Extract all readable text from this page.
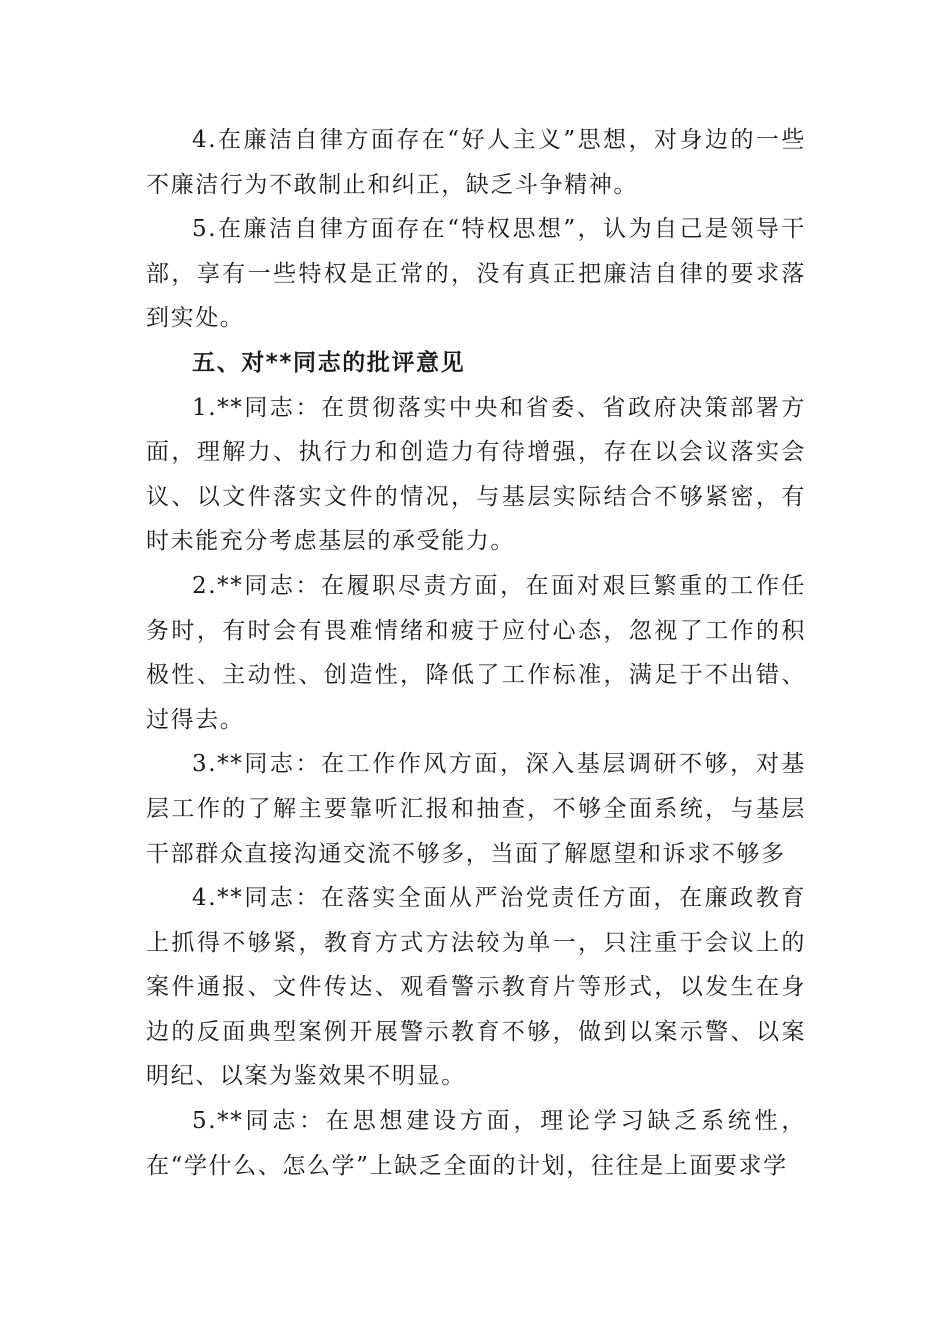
4.在廉洁自律方面存在“好人主义”思想，对身边的一些不廉洁行为不敢制止和纠正，缺乏斗争精神。

5.在廉洁自律方面存在“特权思想”，认为自己是领导干部，享有一些特权是正常的，没有真正把廉洁自律的要求落到实处。

五、对**同志的批评意见

1.**同志：在贯彻落实中央和省委、省政府决策部署方面，理解力、执行力和创造力有待增强，存在以会议落实会议、以文件落实文件的情况，与基层实际结合不够紧密，有时未能充分考虑基层的承受能力。

2.**同志：在履职尽责方面，在面对艰巨繁重的工作任务时，有时会有畏难情绪和疲于应付心态，忽视了工作的积极性、主动性、创造性，降低了工作标准，满足于不出错、过得去。

3.**同志：在工作作风方面，深入基层调研不够，对基层工作的了解主要靠听汇报和抽查，不够全面系统，与基层干部群众直接沟通交流不够多，当面了解愿望和诉求不够多

4.**同志：在落实全面从严治党责任方面，在廉政教育上抓得不够紧，教育方式方法较为单一，只注重于会议上的案件通报、文件传达、观看警示教育片等形式，以发生在身边的反面典型案例开展警示教育不够，做到以案示警、以案明纪、以案为鉴效果不明显。

5.**同志：在思想建设方面，理论学习缺乏系统性，在“学什么、怎么学”上缺乏全面的计划，往往是上面要求学
